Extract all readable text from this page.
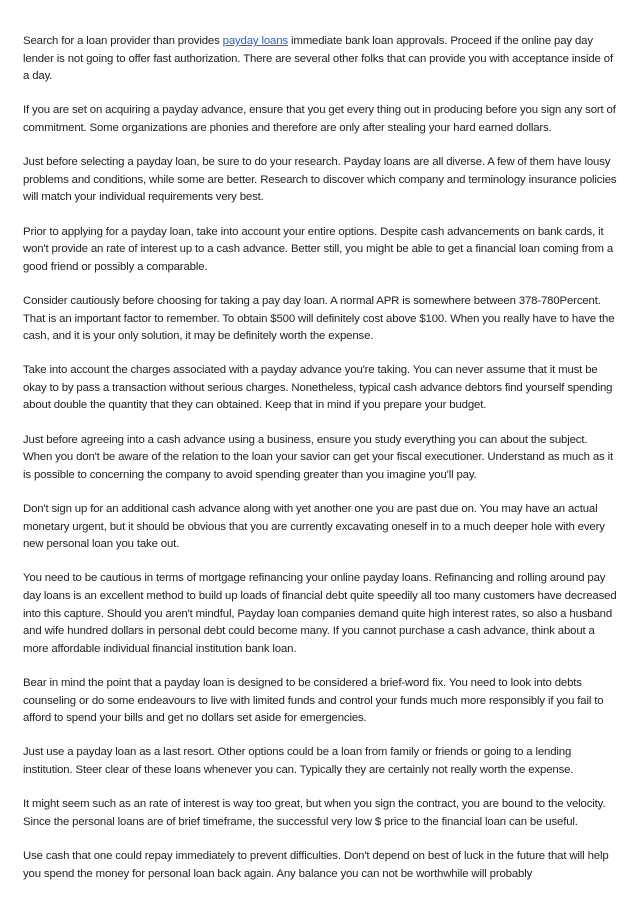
Search for a loan provider than provides payday loans immediate bank loan approvals. Proceed if the online pay day lender is not going to offer fast authorization. There are several other folks that can provide you with acceptance inside of a day.

If you are set on acquiring a payday advance, ensure that you get every thing out in producing before you sign any sort of commitment. Some organizations are phonies and therefore are only after stealing your hard earned dollars.

Just before selecting a payday loan, be sure to do your research. Payday loans are all diverse. A few of them have lousy problems and conditions, while some are better. Research to discover which company and terminology insurance policies will match your individual requirements very best.

Prior to applying for a payday loan, take into account your entire options. Despite cash advancements on bank cards, it won't provide an rate of interest up to a cash advance. Better still, you might be able to get a financial loan coming from a good friend or possibly a comparable.

Consider cautiously before choosing for taking a pay day loan. A normal APR is somewhere between 378-780Percent. That is an important factor to remember. To obtain $500 will definitely cost above $100. When you really have to have the cash, and it is your only solution, it may be definitely worth the expense.

Take into account the charges associated with a payday advance you're taking. You can never assume that it must be okay to by pass a transaction without serious charges. Nonetheless, typical cash advance debtors find yourself spending about double the quantity that they can obtained. Keep that in mind if you prepare your budget.

Just before agreeing into a cash advance using a business, ensure you study everything you can about the subject. When you don't be aware of the relation to the loan your savior can get your fiscal executioner. Understand as much as it is possible to concerning the company to avoid spending greater than you imagine you'll pay.

Don't sign up for an additional cash advance along with yet another one you are past due on. You may have an actual monetary urgent, but it should be obvious that you are currently excavating oneself in to a much deeper hole with every new personal loan you take out.

You need to be cautious in terms of mortgage refinancing your online payday loans. Refinancing and rolling around pay day loans is an excellent method to build up loads of financial debt quite speedily all too many customers have decreased into this capture. Should you aren't mindful, Payday loan companies demand quite high interest rates, so also a husband and wife hundred dollars in personal debt could become many. If you cannot purchase a cash advance, think about a more affordable individual financial institution bank loan.

Bear in mind the point that a payday loan is designed to be considered a brief-word fix. You need to look into debts counseling or do some endeavours to live with limited funds and control your funds much more responsibly if you fail to afford to spend your bills and get no dollars set aside for emergencies.

Just use a payday loan as a last resort. Other options could be a loan from family or friends or going to a lending institution. Steer clear of these loans whenever you can. Typically they are certainly not really worth the expense.

It might seem such as an rate of interest is way too great, but when you sign the contract, you are bound to the velocity. Since the personal loans are of brief timeframe, the successful very low $ price to the financial loan can be useful.

Use cash that one could repay immediately to prevent difficulties. Don't depend on best of luck in the future that will help you spend the money for personal loan back again. Any balance you can not be worthwhile will probably
